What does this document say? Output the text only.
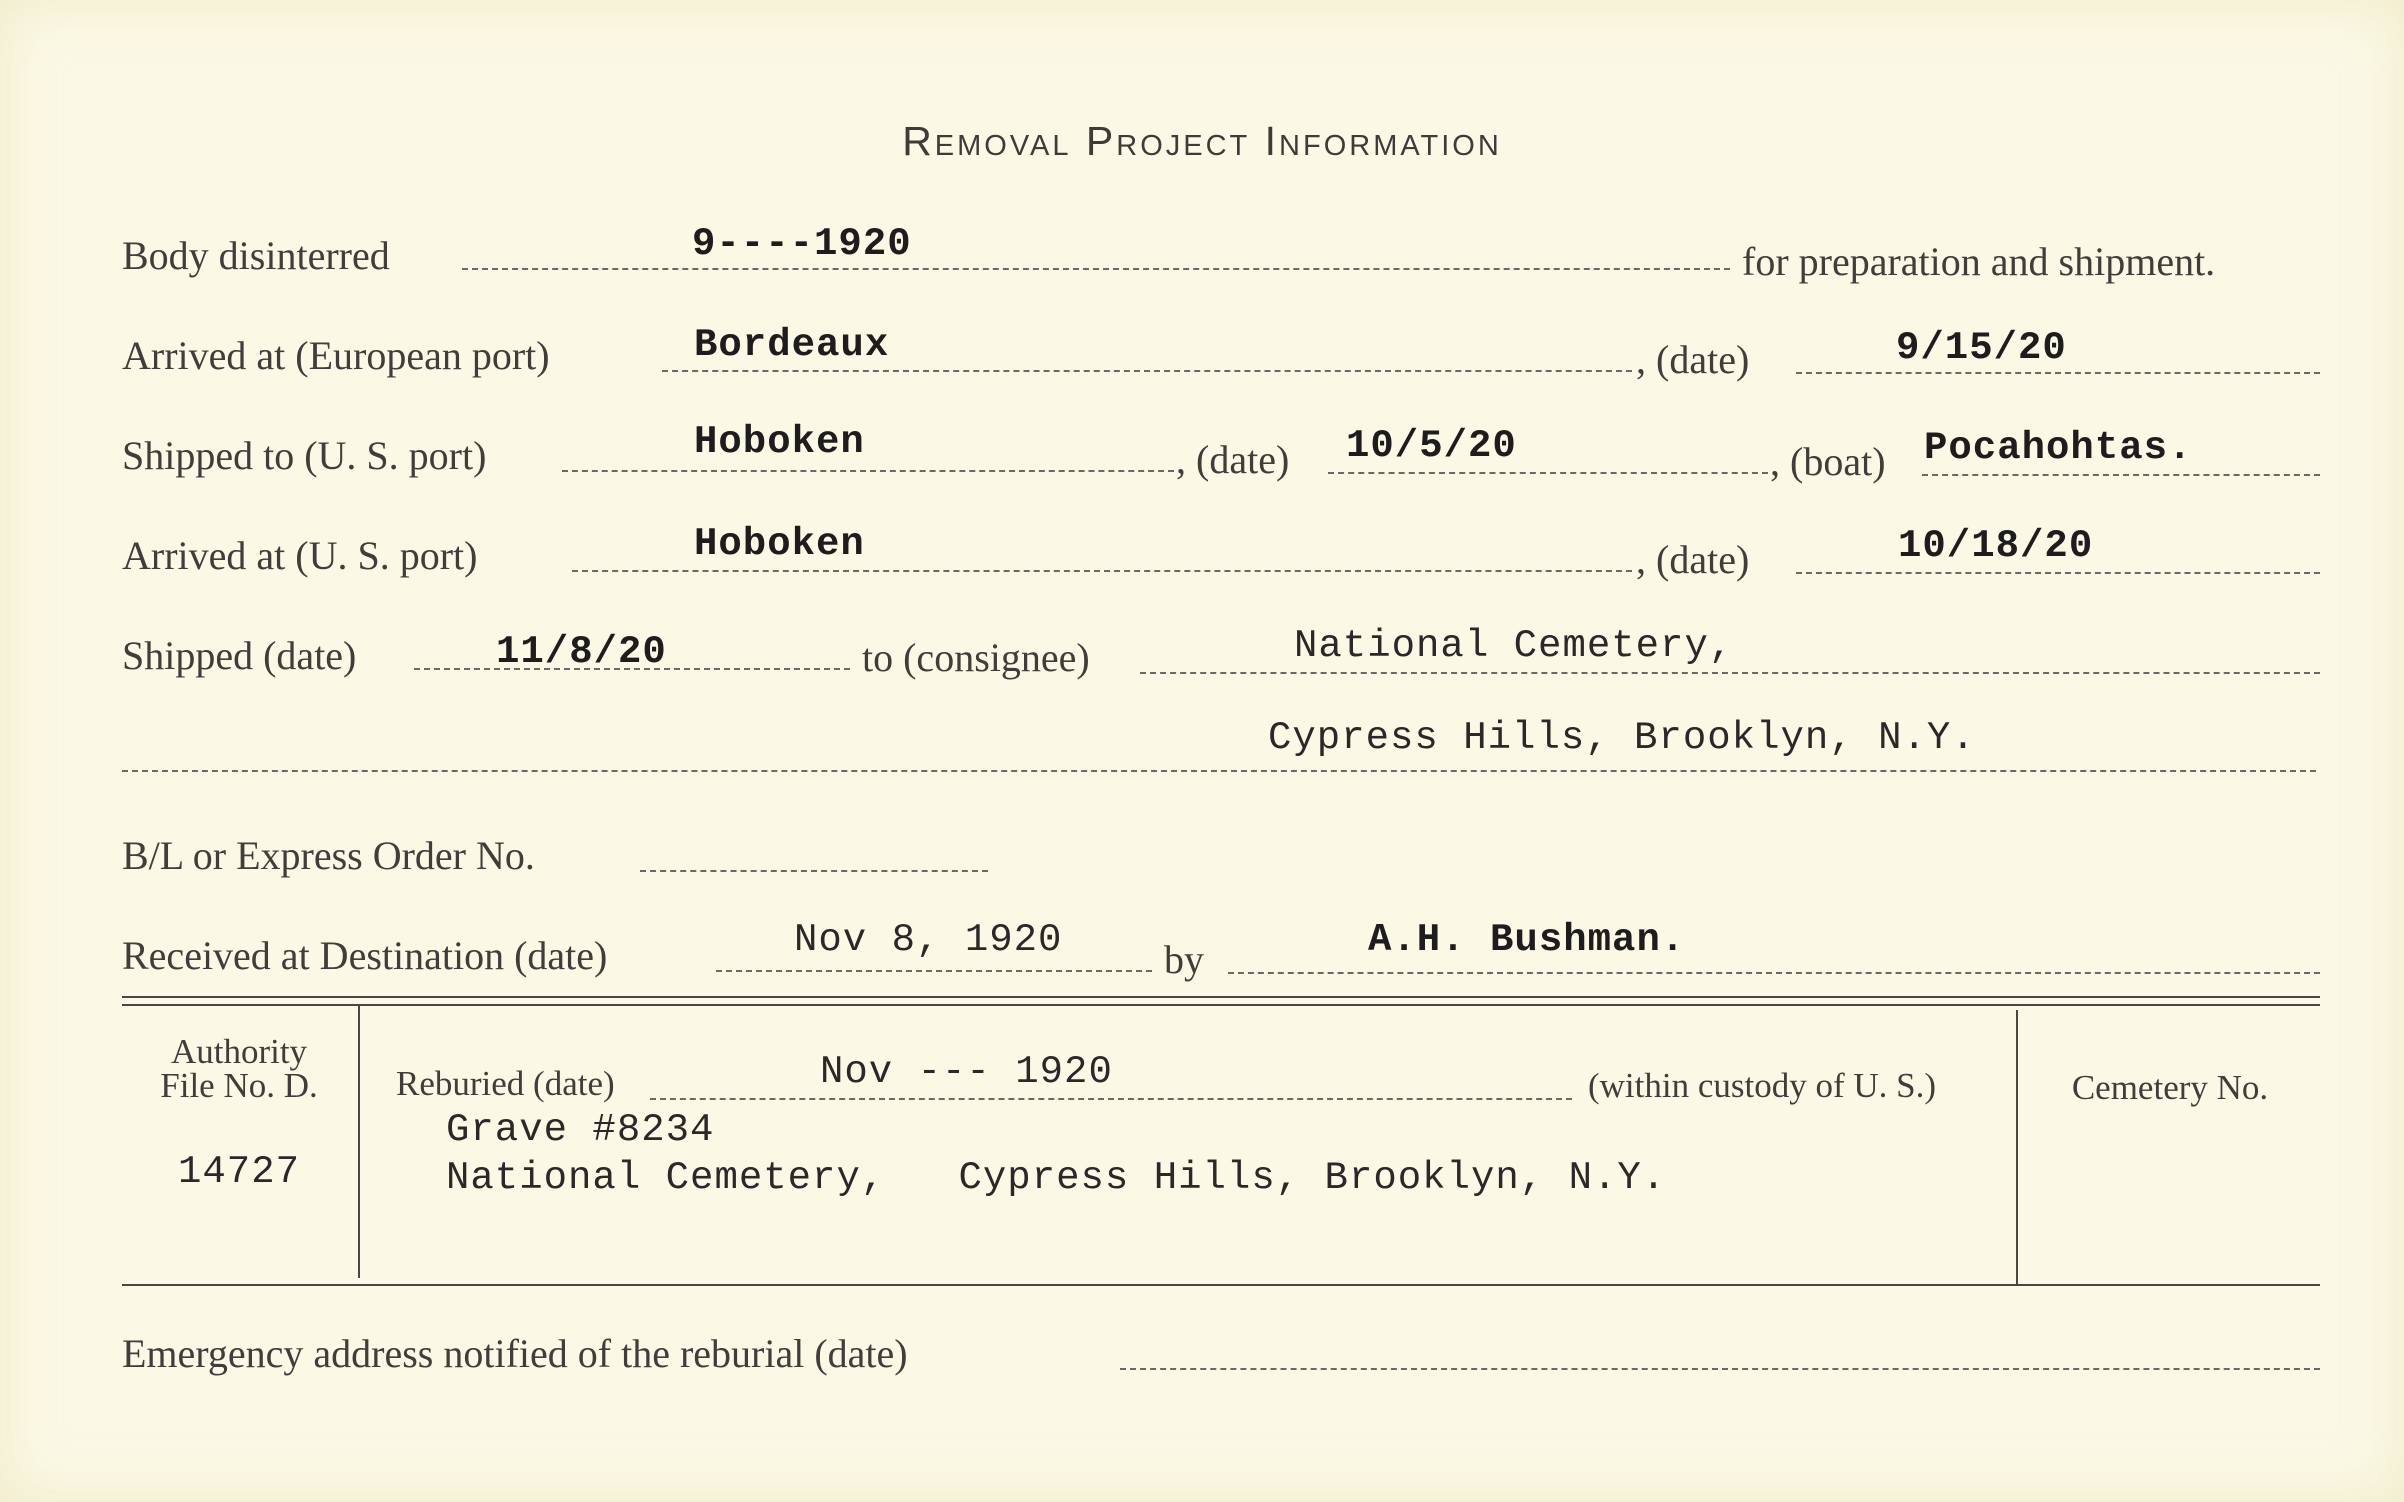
Removal Project Information
Body disinterred	9----1920	for preparation and shipment.
Arrived at (European port)	Bordeaux	, (date)	9/15/20
Shipped to (U. S. port)	Hoboken	, (date) 10/5/20	, (boat) Pocahohtas.
Arrived at (U. S. port)	Hoboken	, (date)	10/18/20
Shipped (date)	11/8/20	to (consignee)	National Cemetery,
Cypress Hills, Brooklyn, N.Y.
B/L or Express Order No.
Received at Destination (date)	Nov 8, 1920	by	A.H. Bushman.
Authority
File No. D.
14727
Reburied (date)	Nov --- 1920	(within custody of U. S.)
Grave #8234
National Cemetery,   Cypress Hills, Brooklyn, N.Y.
Cemetery No.
Emergency address notified of the reburial (date)
